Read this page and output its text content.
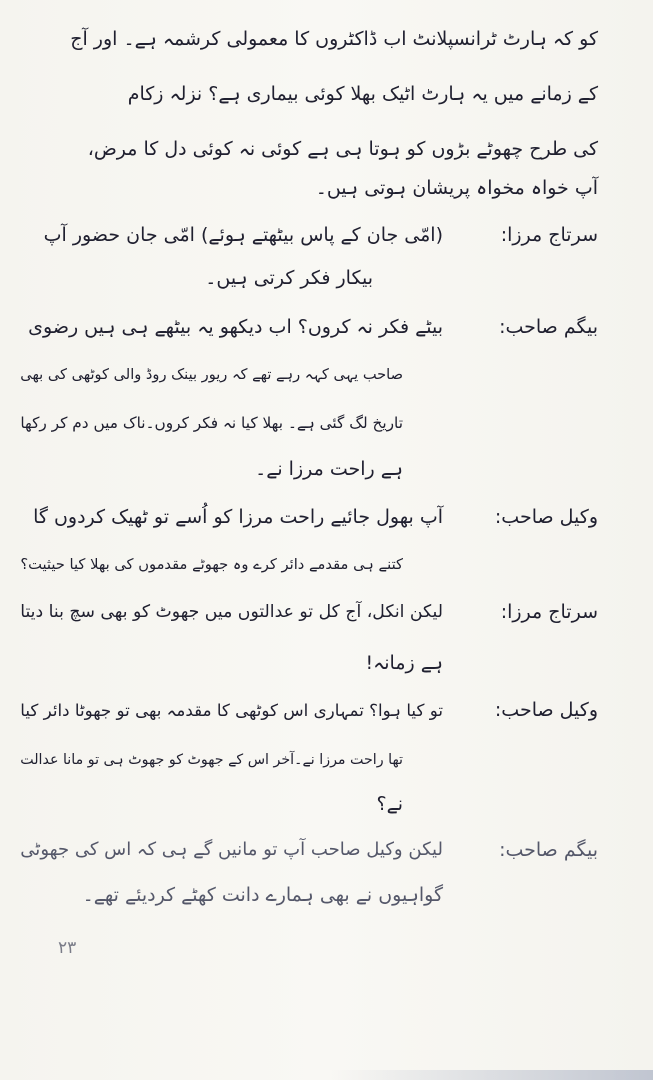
کو کہ ہارٹ ٹرانسپلانٹ اب ڈاکٹروں کا معمولی کرشمہ ہے۔ اور آج
کے زمانے میں یہ ہارٹ اٹیک بھلا کوئی بیماری ہے؟ نزلہ زکام
کی طرح چھوٹے بڑوں کو ہوتا ہی ہے کوئی نہ کوئی دل کا مرض،
آپ خواہ مخواہ پریشان ہوتی ہیں۔
سرتاج مرزا:
(امّی جان کے پاس بیٹھتے ہوئے) امّی جان حضور آپ
بیکار فکر کرتی ہیں۔
بیگم صاحب:
بیٹے فکر نہ کروں؟ اب دیکھو یہ بیٹھے ہی ہیں رضوی
صاحب یہی کہہ رہے تھے کہ ریور بینک روڈ والی کوٹھی کی بھی
تاریخ لگ گئی ہے۔ بھلا کیا نہ فکر کروں۔ناک میں دم کر رکھا
ہے راحت مرزا نے۔
وکیل صاحب:
آپ بھول جائیے راحت مرزا کو اُسے تو ٹھیک کردوں گا
کتنے ہی مقدمے دائر کرے وہ جھوٹے مقدموں کی بھلا کیا حیثیت؟
سرتاج مرزا:
لیکن انکل، آج کل تو عدالتوں میں جھوٹ کو بھی سچ بنا دیتا
ہے زمانہ!
وکیل صاحب:
تو کیا ہوا؟ تمہاری اس کوٹھی کا مقدمہ بھی تو جھوٹا دائر کیا
تھا راحت مرزا نے۔آخر اس کے جھوٹ کو جھوٹ ہی تو مانا عدالت
نے؟
بیگم صاحب:
لیکن وکیل صاحب آپ تو مانیں گے ہی کہ اس کی جھوٹی
گواہیوں نے بھی ہمارے دانت کھٹے کردیئے تھے۔
۲۳
